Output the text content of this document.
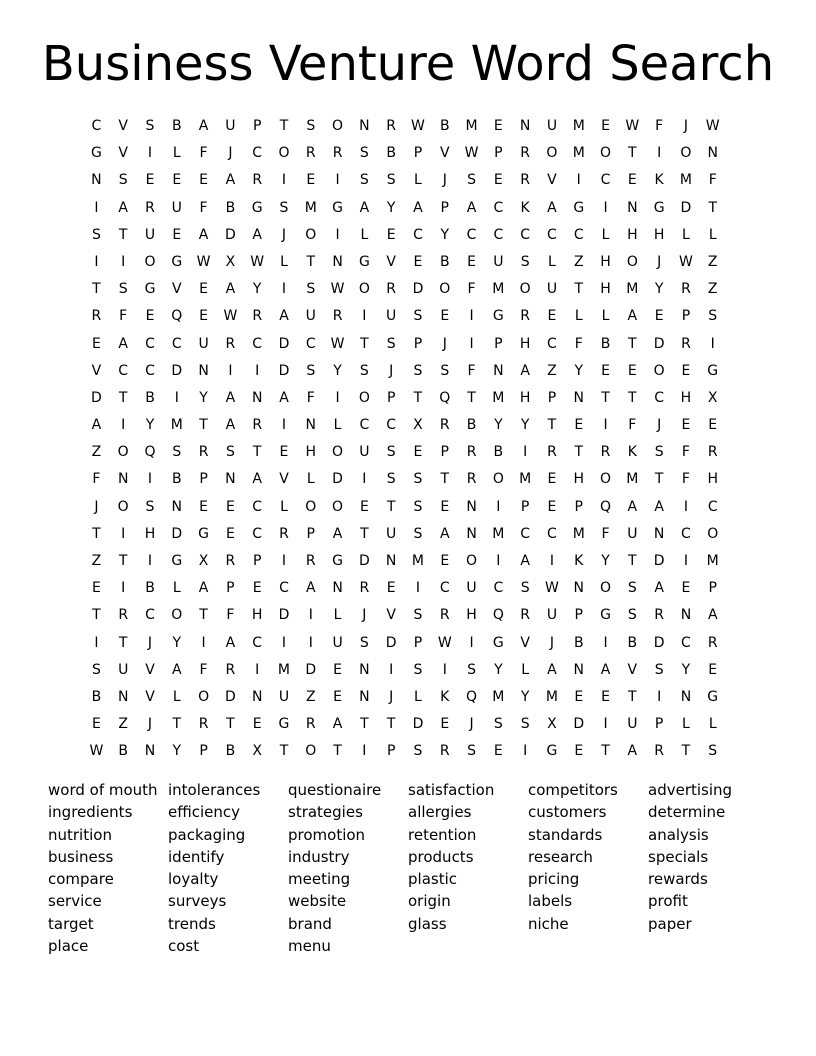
Business Venture Word Search
C	V	S	B	A	U	P	T	S	O	N	R	W	B	M	E	N	U	M	E	W	F	J	W
G	V	I	L	F	J	C	O	R	R	S	B	P	V	W	P	R	O	M	O	T	I	O	N
N	S	E	E	E	A	R	I	E	I	S	S	L	J	S	E	R	V	I	C	E	K	M	F
I	A	R	U	F	B	G	S	M	G	A	Y	A	P	A	C	K	A	G	I	N	G	D	T
S	T	U	E	A	D	A	J	O	I	L	E	C	Y	C	C	C	C	C	L	H	H	L	L
I	I	O	G	W	X	W	L	T	N	G	V	E	B	E	U	S	L	Z	H	O	J	W	Z
T	S	G	V	E	A	Y	I	S	W	O	R	D	O	F	M	O	U	T	H	M	Y	R	Z
R	F	E	Q	E	W	R	A	U	R	I	U	S	E	I	G	R	E	L	L	A	E	P	S
E	A	C	C	U	R	C	D	C	W	T	S	P	J	I	P	H	C	F	B	T	D	R	I
V	C	C	D	N	I	I	D	S	Y	S	J	S	S	F	N	A	Z	Y	E	E	O	E	G
D	T	B	I	Y	A	N	A	F	I	O	P	T	Q	T	M	H	P	N	T	T	C	H	X
A	I	Y	M	T	A	R	I	N	L	C	C	X	R	B	Y	Y	T	E	I	F	J	E	E
Z	O	Q	S	R	S	T	E	H	O	U	S	E	P	R	B	I	R	T	R	K	S	F	R
F	N	I	B	P	N	A	V	L	D	I	S	S	T	R	O	M	E	H	O	M	T	F	H
J	O	S	N	E	E	C	L	O	O	E	T	S	E	N	I	P	E	P	Q	A	A	I	C
T	I	H	D	G	E	C	R	P	A	T	U	S	A	N	M	C	C	M	F	U	N	C	O
Z	T	I	G	X	R	P	I	R	G	D	N	M	E	O	I	A	I	K	Y	T	D	I	M
E	I	B	L	A	P	E	C	A	N	R	E	I	C	U	C	S	W	N	O	S	A	E	P
T	R	C	O	T	F	H	D	I	L	J	V	S	R	H	Q	R	U	P	G	S	R	N	A
I	T	J	Y	I	A	C	I	I	U	S	D	P	W	I	G	V	J	B	I	B	D	C	R
S	U	V	A	F	R	I	M	D	E	N	I	S	I	S	Y	L	A	N	A	V	S	Y	E
B	N	V	L	O	D	N	U	Z	E	N	J	L	K	Q	M	Y	M	E	E	T	I	N	G
E	Z	J	T	R	T	E	G	R	A	T	T	D	E	J	S	S	X	D	I	U	P	L	L
W	B	N	Y	P	B	X	T	O	T	I	P	S	R	S	E	I	G	E	T	A	R	T	S
word of mouth
ingredients
nutrition
business
compare
service
target
place
intolerances
efficiency
packaging
identify
loyalty
surveys
trends
cost
questionaire
strategies
promotion
industry
meeting
website
brand
menu
satisfaction
allergies
retention
products
plastic
origin
glass
competitors
customers
standards
research
pricing
labels
niche
advertising
determine
analysis
specials
rewards
profit
paper
